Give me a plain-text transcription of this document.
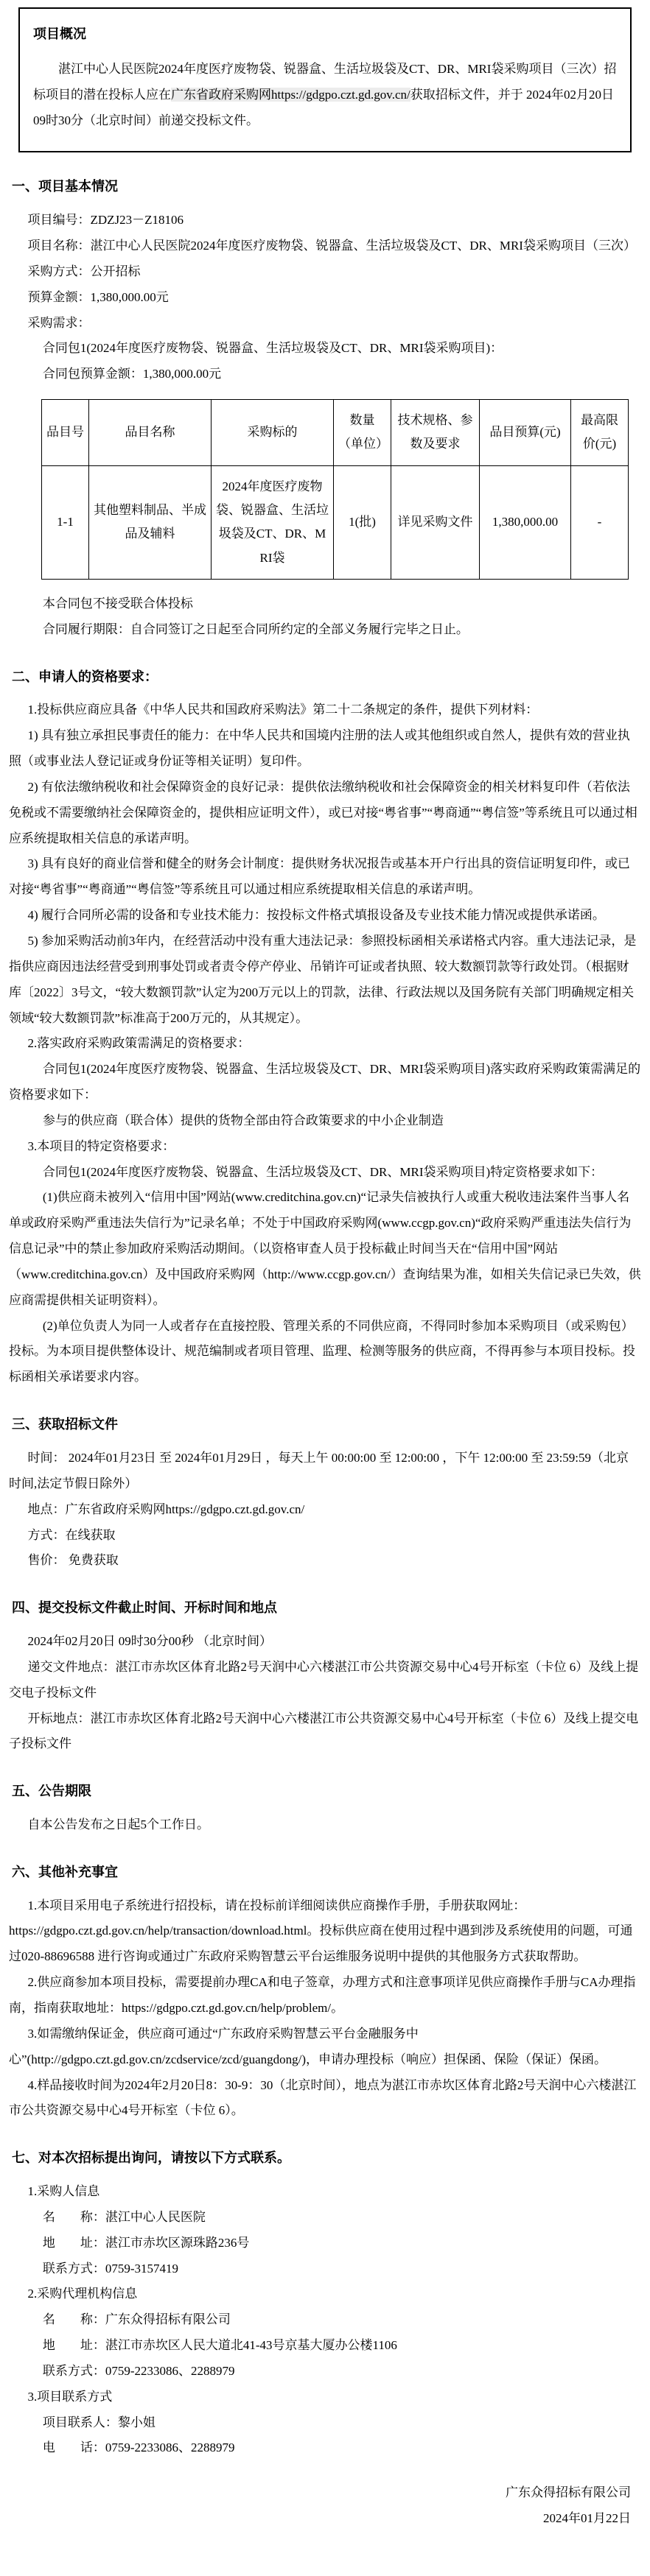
项目概况

湛江中心人民医院2024年度医疗废物袋、锐器盒、生活垃圾袋及CT、DR、MRI袋采购项目（三次）招标项目的潜在投标人应在广东省政府采购网https://gdgpo.czt.gd.gov.cn/获取招标文件，并于 2024年02月20日 09时30分（北京时间）前递交投标文件。

一、项目基本情况

项目编号：ZDZJ23－Z18106

项目名称：湛江中心人民医院2024年度医疗废物袋、锐器盒、生活垃圾袋及CT、DR、MRI袋采购项目（三次）

采购方式：公开招标

预算金额：1,380,000.00元

采购需求：

合同包1(2024年度医疗废物袋、锐器盒、生活垃圾袋及CT、DR、MRI袋采购项目)：

合同包预算金额：1,380,000.00元

品目号	品目名称	采购标的	数量（单位）	技术规格、参数及要求	品目预算(元)	最高限价(元)
1-1	其他塑料制品、半成品及辅料	2024年度医疗废物袋、锐器盒、生活垃圾袋及CT、DR、MRI袋	1(批)	详见采购文件	1,380,000.00	-

本合同包不接受联合体投标

合同履行期限：自合同签订之日起至合同所约定的全部义务履行完毕之日止。

二、申请人的资格要求：

1.投标供应商应具备《中华人民共和国政府采购法》第二十二条规定的条件，提供下列材料：

1) 具有独立承担民事责任的能力：在中华人民共和国境内注册的法人或其他组织或自然人，提供有效的营业执照（或事业法人登记证或身份证等相关证明）复印件。

2) 有依法缴纳税收和社会保障资金的良好记录：提供依法缴纳税收和社会保障资金的相关材料复印件（若依法免税或不需要缴纳社会保障资金的，提供相应证明文件），或已对接“粤省事”“粤商通”“粤信签”等系统且可以通过相应系统提取相关信息的承诺声明。

3) 具有良好的商业信誉和健全的财务会计制度：提供财务状况报告或基本开户行出具的资信证明复印件，或已对接“粤省事”“粤商通”“粤信签”等系统且可以通过相应系统提取相关信息的承诺声明。

4) 履行合同所必需的设备和专业技术能力：按投标文件格式填报设备及专业技术能力情况或提供承诺函。

5) 参加采购活动前3年内，在经营活动中没有重大违法记录：参照投标函相关承诺格式内容。重大违法记录，是指供应商因违法经营受到刑事处罚或者责令停产停业、吊销许可证或者执照、较大数额罚款等行政处罚。（根据财库〔2022〕3号文，“较大数额罚款”认定为200万元以上的罚款，法律、行政法规以及国务院有关部门明确规定相关领域“较大数额罚款”标准高于200万元的，从其规定）。

2.落实政府采购政策需满足的资格要求：

合同包1(2024年度医疗废物袋、锐器盒、生活垃圾袋及CT、DR、MRI袋采购项目)落实政府采购政策需满足的资格要求如下：

参与的供应商（联合体）提供的货物全部由符合政策要求的中小企业制造

3.本项目的特定资格要求：

合同包1(2024年度医疗废物袋、锐器盒、生活垃圾袋及CT、DR、MRI袋采购项目)特定资格要求如下：

(1)供应商未被列入“信用中国”网站(www.creditchina.gov.cn)“记录失信被执行人或重大税收违法案件当事人名单或政府采购严重违法失信行为”记录名单；不处于中国政府采购网(www.ccgp.gov.cn)“政府采购严重违法失信行为信息记录”中的禁止参加政府采购活动期间。（以资格审查人员于投标截止时间当天在“信用中国”网站（www.creditchina.gov.cn）及中国政府采购网（http://www.ccgp.gov.cn/）查询结果为准，如相关失信记录已失效，供应商需提供相关证明资料）。

(2)单位负责人为同一人或者存在直接控股、管理关系的不同供应商，不得同时参加本采购项目（或采购包）投标。为本项目提供整体设计、规范编制或者项目管理、监理、检测等服务的供应商，不得再参与本项目投标。投标函相关承诺要求内容。

三、获取招标文件

时间： 2024年01月23日 至 2024年01月29日 ，每天上午 00:00:00 至 12:00:00 ，下午 12:00:00 至 23:59:59（北京时间,法定节假日除外）

地点：广东省政府采购网https://gdgpo.czt.gd.gov.cn/

方式：在线获取

售价： 免费获取

四、提交投标文件截止时间、开标时间和地点

2024年02月20日 09时30分00秒 （北京时间）

递交文件地点：湛江市赤坎区体育北路2号天润中心六楼湛江市公共资源交易中心4号开标室（卡位 6）及线上提交电子投标文件

开标地点：湛江市赤坎区体育北路2号天润中心六楼湛江市公共资源交易中心4号开标室（卡位 6）及线上提交电子投标文件

五、公告期限

自本公告发布之日起5个工作日。

六、其他补充事宜

1.本项目采用电子系统进行招投标，请在投标前详细阅读供应商操作手册，手册获取网址：https://gdgpo.czt.gd.gov.cn/help/transaction/download.html。投标供应商在使用过程中遇到涉及系统使用的问题，可通过020-88696588 进行咨询或通过广东政府采购智慧云平台运维服务说明中提供的其他服务方式获取帮助。

2.供应商参加本项目投标，需要提前办理CA和电子签章，办理方式和注意事项详见供应商操作手册与CA办理指南，指南获取地址：https://gdgpo.czt.gd.gov.cn/help/problem/。

3.如需缴纳保证金，供应商可通过“广东政府采购智慧云平台金融服务中心”(http://gdgpo.czt.gd.gov.cn/zcdservice/zcd/guangdong/)，申请办理投标（响应）担保函、保险（保证）保函。

4.样品接收时间为2024年2月20日8：30-9：30（北京时间），地点为湛江市赤坎区体育北路2号天润中心六楼湛江市公共资源交易中心4号开标室（卡位 6）。

七、对本次招标提出询问，请按以下方式联系。

1.采购人信息

名　　称：湛江中心人民医院

地　　址：湛江市赤坎区源珠路236号

联系方式：0759-3157419

2.采购代理机构信息

名　　称：广东众得招标有限公司

地　　址：湛江市赤坎区人民大道北41-43号京基大厦办公楼1106

联系方式：0759-2233086、2288979

3.项目联系方式

项目联系人：黎小姐

电　　话：0759-2233086、2288979

广东众得招标有限公司

2024年01月22日
